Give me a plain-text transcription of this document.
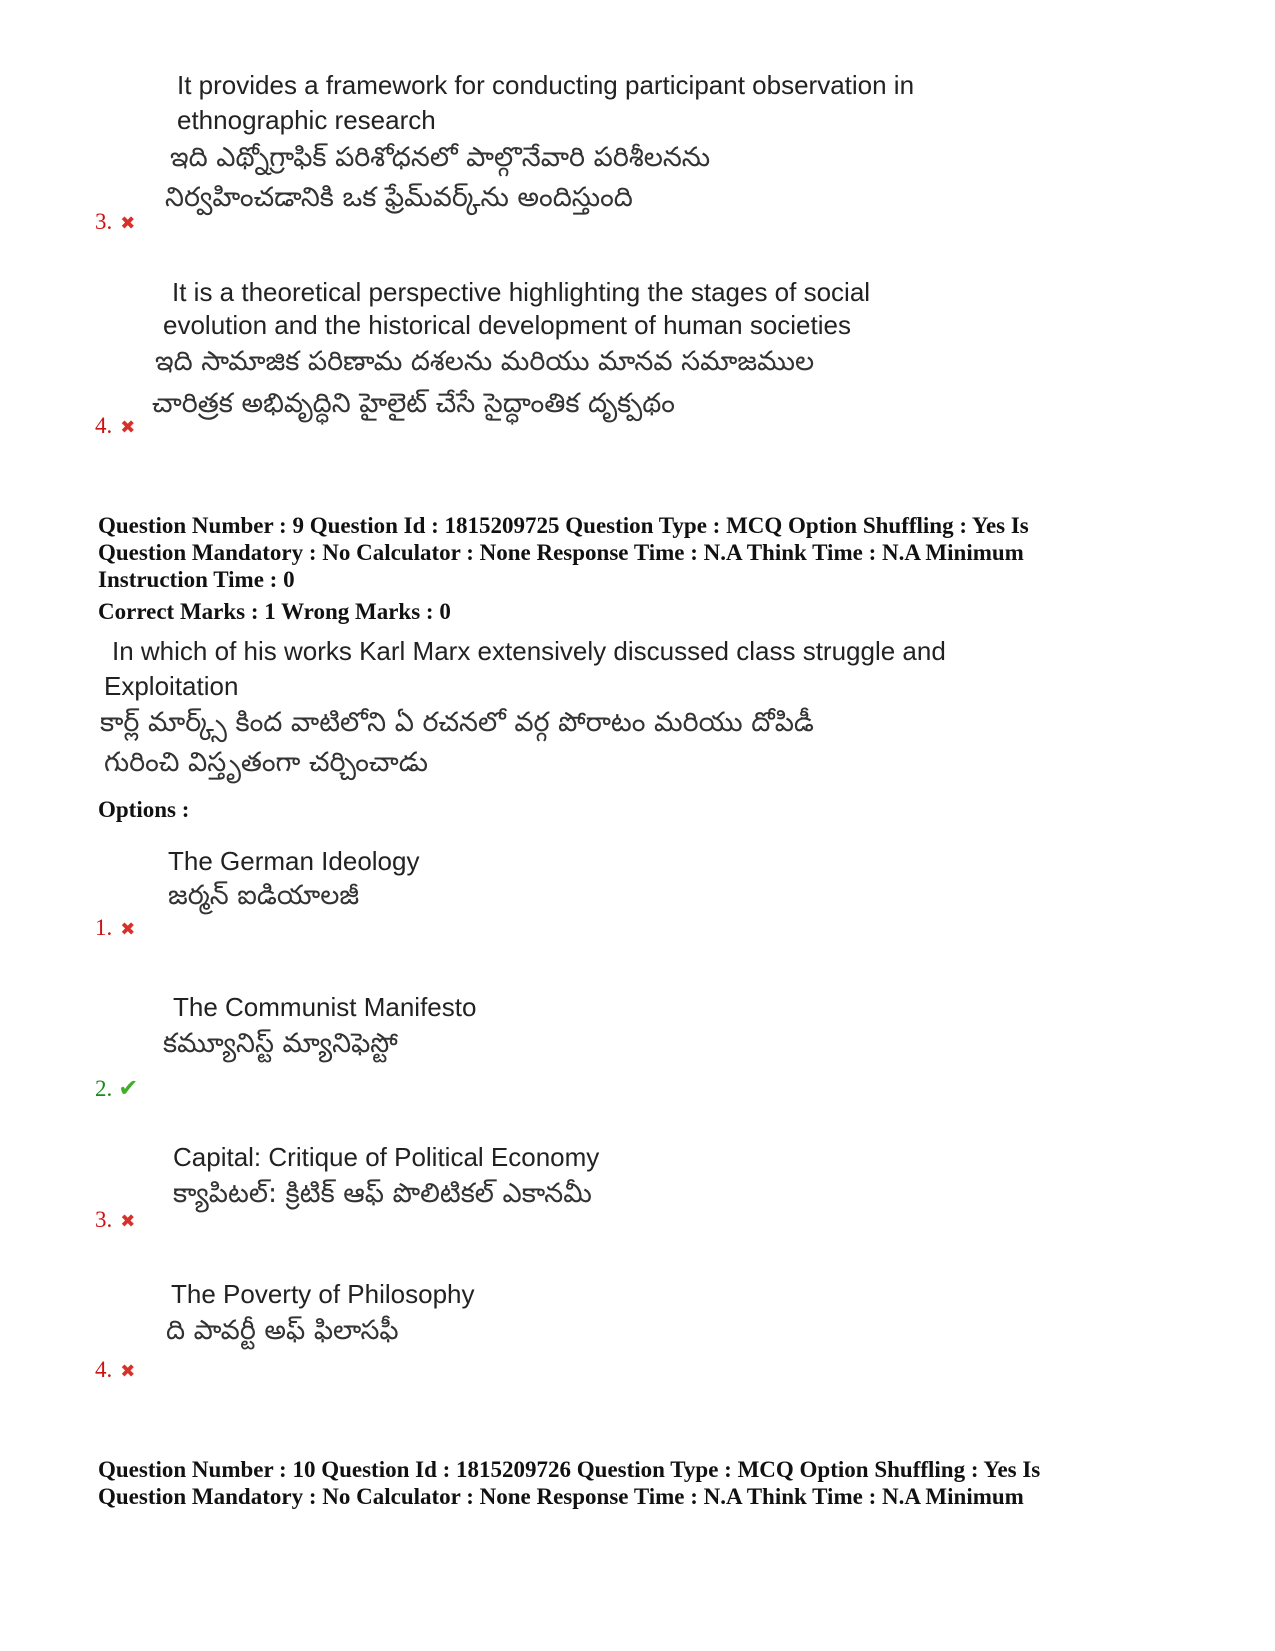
It provides a framework for conducting participant observation in
ethnographic research
ఇది ఎథ్నోగ్రాఫిక్ పరిశోధనలో పాల్గొనేవారి పరిశీలనను
నిర్వహించడానికి ఒక ఫ్రేమ్‌వర్క్‌ను అందిస్తుంది
3. ✖
It is a theoretical perspective highlighting the stages of social
evolution and the historical development of human societies
ఇది సామాజిక పరిణామ దశలను మరియు మానవ సమాజముల
చారిత్రక అభివృద్ధిని హైలైట్ చేసే సైద్ధాంతిక దృక్పథం
4. ✖
Question Number : 9 Question Id : 1815209725 Question Type : MCQ Option Shuffling : Yes Is
Question Mandatory : No Calculator : None Response Time : N.A Think Time : N.A Minimum
Instruction Time : 0
Correct Marks : 1 Wrong Marks : 0
In which of his works Karl Marx extensively discussed class struggle and
Exploitation
కార్ల్ మార్క్స్ కింద వాటిలోని ఏ రచనలో వర్గ పోరాటం మరియు దోపిడీ
గురించి విస్తృతంగా చర్చించాడు
Options :
The German Ideology
జర్మన్ ఐడియాలజీ
1. ✖
The Communist Manifesto
కమ్యూనిస్ట్ మ్యానిఫెస్టో
2. ✔
Capital: Critique of Political Economy
క్యాపిటల్: క్రిటిక్ ఆఫ్ పొలిటికల్ ఎకానమీ
3. ✖
The Poverty of Philosophy
ది పావర్టీ అఫ్ ఫిలాసఫీ
4. ✖
Question Number : 10 Question Id : 1815209726 Question Type : MCQ Option Shuffling : Yes Is
Question Mandatory : No Calculator : None Response Time : N.A Think Time : N.A Minimum
